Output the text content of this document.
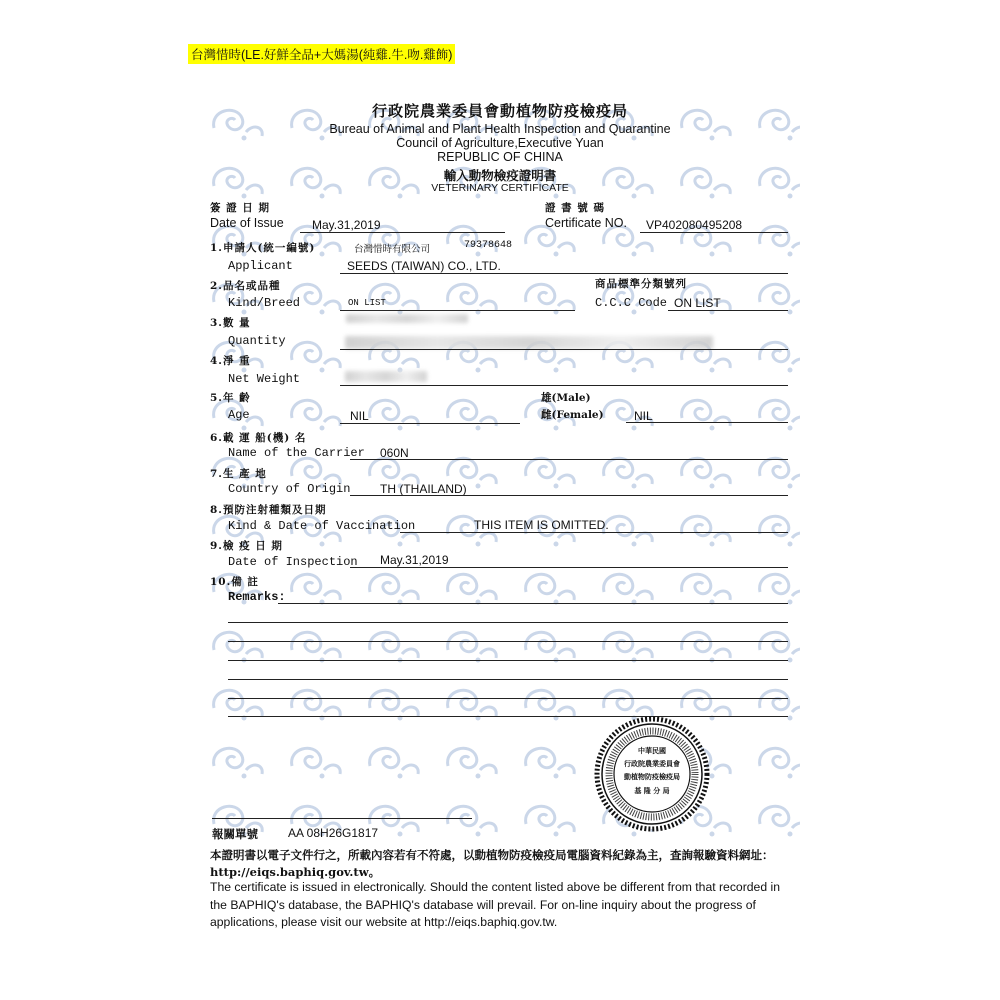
台灣惜時(LE.好鮮全品+大媽湯(純雞.牛.吻.雞飾)
行政院農業委員會動植物防疫檢疫局
Bureau of Animal and Plant Health Inspection and Quarantine
Council of Agriculture,Executive Yuan
REPUBLIC OF CHINA
輸入動物檢疫證明書
VETERINARY CERTIFICATE
簽 證 日 期
Date of Issue May.31,2019
證 書 號 碼
Certificate NO. VP402080495208
1.申請人(統一編號)	台灣惜時有限公司	79378648
Applicant	SEEDS (TAIWAN) CO., LTD.
2.品名或品種	商品標準分類號列
Kind/Breed	ON LIST	C.C.C Code ON LIST
3.數 量
Quantity
4.淨 重
Net Weight
5.年 齡	雄(Male)
Age	NIL	雌(Female)	NIL
6.載 運 船(機) 名
Name of the Carrier 060N
7.生 產 地
Country of Origin TH (THAILAND)
8.預防注射種類及日期
Kind & Date of Vaccination	THIS ITEM IS OMITTED.
9.檢 疫 日 期
Date of Inspection May.31,2019
10.備 註
Remarks:
中華民國
行政院農業委員會
動植物防疫檢疫局
基 隆 分 局
報關單號	AA 08H26G1817
本證明書以電子文件行之，所載內容若有不符處，以動植物防疫檢疫局電腦資料紀錄為主，查詢報驗資料網址：http://eiqs.baphiq.gov.tw。
The certificate is issued in electronically. Should the content listed above be different from that recorded in the BAPHIQ's database, the BAPHIQ's database will prevail. For on-line inquiry about the progress of applications, please visit our website at http://eiqs.baphiq.gov.tw.
